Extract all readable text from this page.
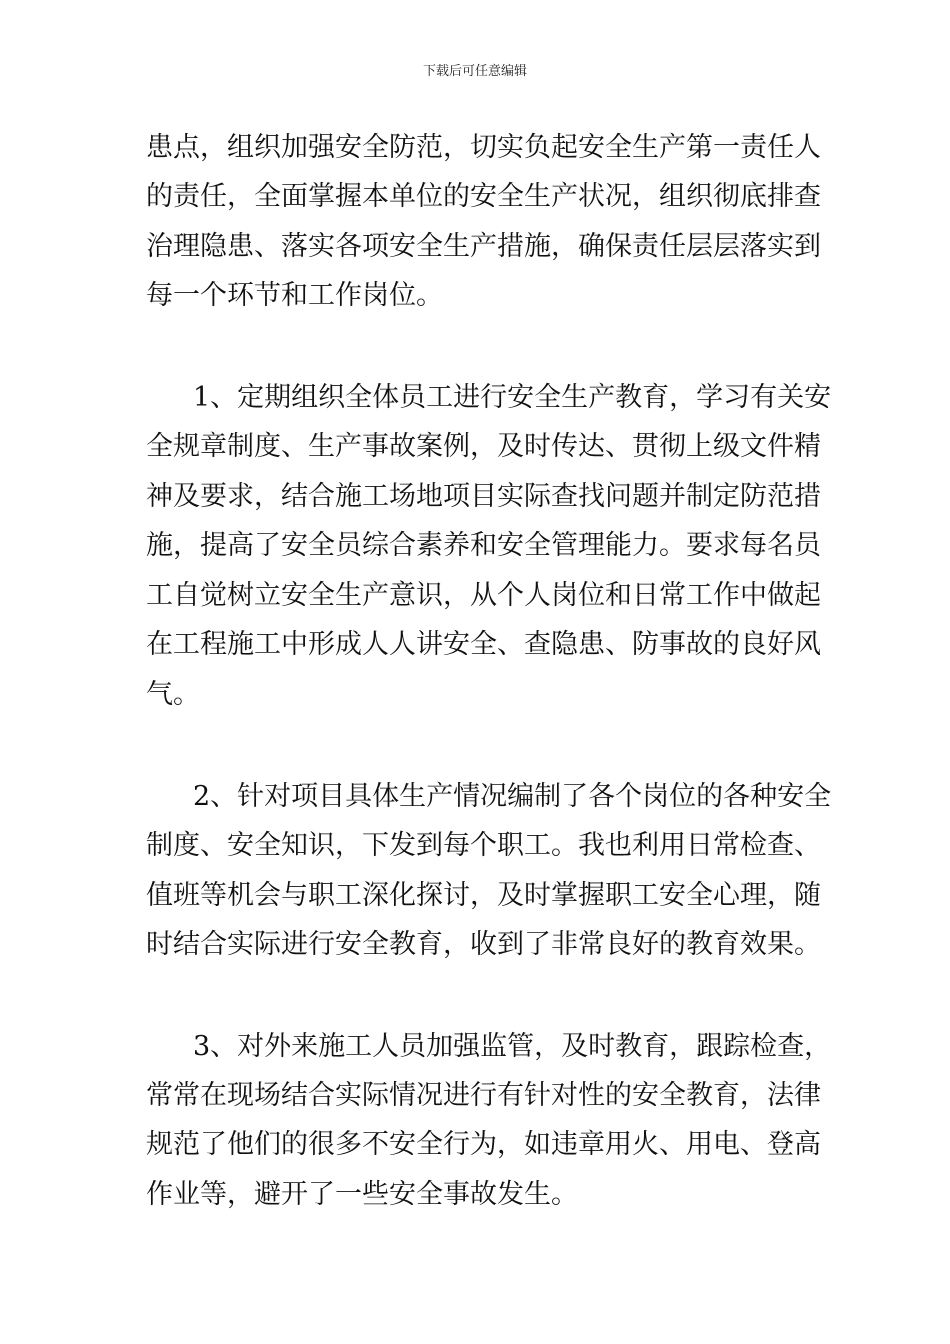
下载后可任意编辑
患点，组织加强安全防范，切实负起安全生产第一责任人
的责任，全面掌握本单位的安全生产状况，组织彻底排查
治理隐患、落实各项安全生产措施，确保责任层层落实到
每一个环节和工作岗位。
1、定期组织全体员工进行安全生产教育，学习有关安
全规章制度、生产事故案例，及时传达、贯彻上级文件精
神及要求，结合施工场地项目实际查找问题并制定防范措
施，提高了安全员综合素养和安全管理能力。要求每名员
工自觉树立安全生产意识，从个人岗位和日常工作中做起
在工程施工中形成人人讲安全、查隐患、防事故的良好风
气。
2、针对项目具体生产情况编制了各个岗位的各种安全
制度、安全知识，下发到每个职工。我也利用日常检查、
值班等机会与职工深化探讨，及时掌握职工安全心理，随
时结合实际进行安全教育，收到了非常良好的教育效果。
3、对外来施工人员加强监管，及时教育，跟踪检查，
常常在现场结合实际情况进行有针对性的安全教育，法律
规范了他们的很多不安全行为，如违章用火、用电、登高
作业等，避开了一些安全事故发生。
